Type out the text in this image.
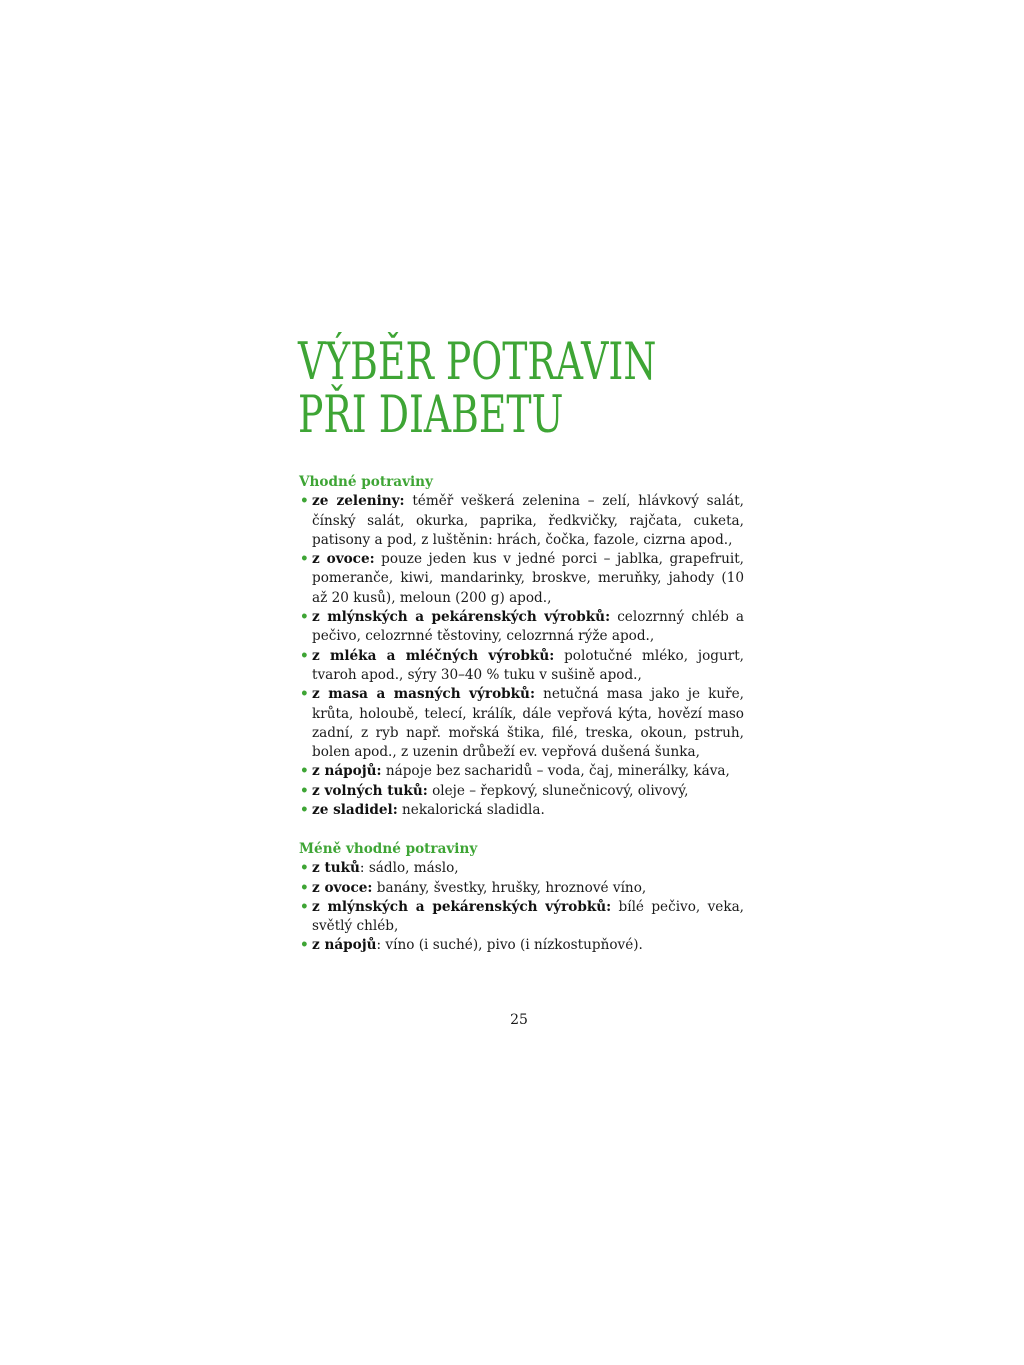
VÝBĚR POTRAVIN
PŘI DIABETU
Vhodné potraviny
• ze zeleniny: téměř veškerá zelenina – zelí, hlávkový salát, čínský salát, okurka, paprika, ředkvičky, rajčata, cuketa, patisony a pod, z luštěnin: hrách, čočka, fazole, cizrna apod.,
• z ovoce: pouze jeden kus v jedné porci – jablka, grapefruit, pomeranče, kiwi, mandarinky, broskve, meruňky, jahody (10 až 20 kusů), meloun (200 g) apod.,
• z mlýnských a pekárenských výrobků: celozrnný chléb a pečivo, celozrnné těstoviny, celozrnná rýže apod.,
• z mléka a mléčných výrobků: polotučné mléko, jogurt, tvaroh apod., sýry 30–40 % tuku v sušině apod.,
• z masa a masných výrobků: netučná masa jako je kuře, krůta, holoubě, telecí, králík, dále vepřová kýta, hovězí maso zadní, z ryb např. mořská štika, filé, treska, okoun, pstruh, bolen apod., z uzenin drůbeží ev. vepřová dušená šunka,
• z nápojů: nápoje bez sacharidů – voda, čaj, minerálky, káva,
• z volných tuků: oleje – řepkový, slunečnicový, olivový,
• ze sladidel: nekalorická sladidla.
Méně vhodné potraviny
• z tuků: sádlo, máslo,
• z ovoce: banány, švestky, hrušky, hroznové víno,
• z mlýnských a pekárenských výrobků: bílé pečivo, veka, světlý chléb,
• z nápojů: víno (i suché), pivo (i nízkostupňové).
25
